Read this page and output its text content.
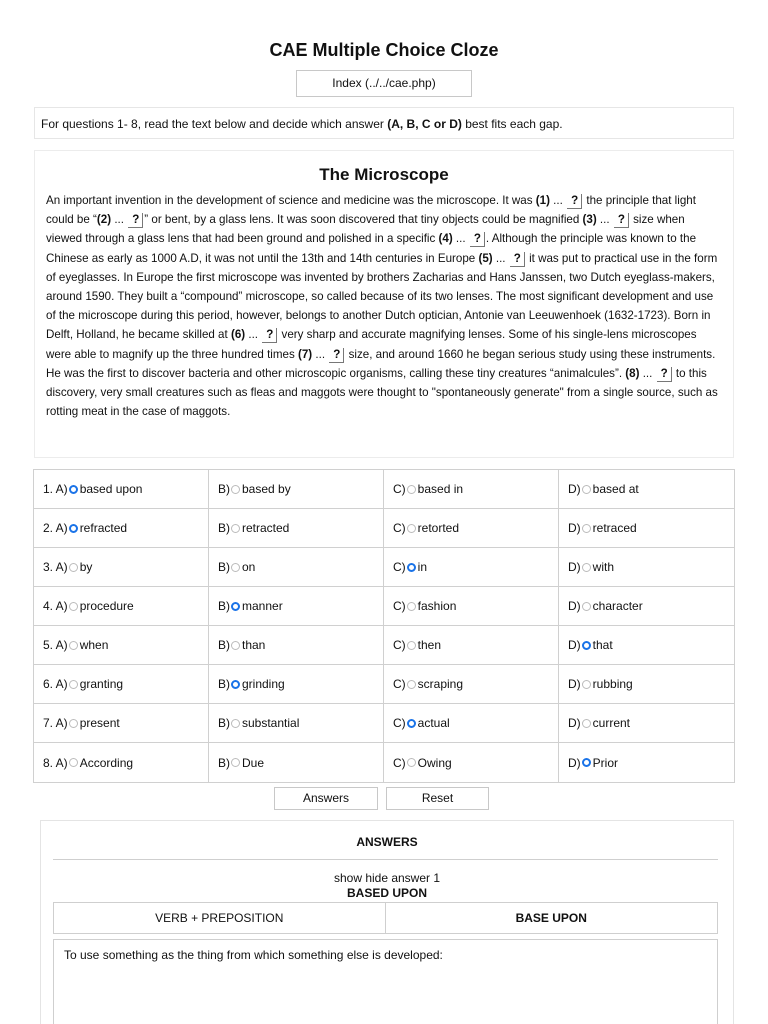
CAE Multiple Choice Cloze
Index (../../cae.php)
For questions 1- 8, read the text below and decide which answer (A, B, C or D) best fits each gap.
The Microscope
An important invention in the development of science and medicine was the microscope. It was (1) ... ? the principle that light could be “(2) ... ? ” or bent, by a glass lens. It was soon discovered that tiny objects could be magnified (3) ... ? size when viewed through a glass lens that had been ground and polished in a specific (4) ... ? . Although the principle was known to the Chinese as early as 1000 A.D, it was not until the 13th and 14th centuries in Europe (5) ... ? it was put to practical use in the form of eyeglasses. In Europe the first microscope was invented by brothers Zacharias and Hans Janssen, two Dutch eyeglass-makers, around 1590. They built a “compound” microscope, so called because of its two lenses. The most significant development and use of the microscope during this period, however, belongs to another Dutch optician, Antonie van Leeuwenhoek (1632-1723). Born in Delft, Holland, he became skilled at (6) ... ? very sharp and accurate magnifying lenses. Some of his single-lens microscopes were able to magnify up the three hundred times (7) ... ? size, and around 1660 he began serious study using these instruments. He was the first to discover bacteria and other microscopic organisms, calling these tiny creatures “animalcules”. (8) ... ? to this discovery, very small creatures such as fleas and maggots were thought to "spontaneously generate" from a single source, such as rotting meat in the case of maggots.
1. A) based upon	B) based by	C) based in	D) based at
2. A) refracted	B) retracted	C) retorted	D) retraced
3. A) by	B) on	C) in	D) with
4. A) procedure	B) manner	C) fashion	D) character
5. A) when	B) than	C) then	D) that
6. A) granting	B) grinding	C) scraping	D) rubbing
7. A) present	B) substantial	C) actual	D) current
8. A) According	B) Due	C) Owing	D) Prior
Answers	Reset
ANSWERS
show hide answer 1
BASED UPON
VERB + PREPOSITION	BASE UPON
To use something as the thing from which something else is developed:
